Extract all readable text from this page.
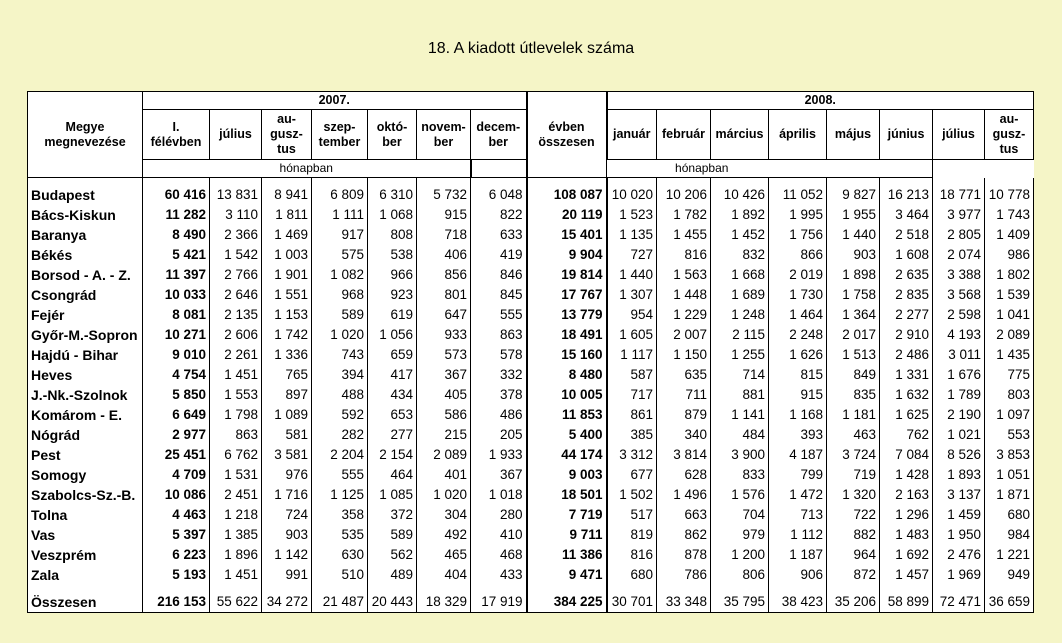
18. A kiadott útlevelek száma
Megye megnevezése	2007.							évben összesen	2008.							
	I. félévben	július	au-
gusz-
tus	szep-
tember	októ-
ber	novem-
ber	decem-
ber		január	február	március	április	május	június	július	au-
gusz-
tus
	hónapban						hónapban									

Budapest	60 416	13 831	8 941	6 809	6 310	5 732	6 048	108 087	10 020	10 206	10 426	11 052	9 827	16 213	18 771	10 778
Bács-Kiskun	11 282	3 110	1 811	1 111	1 068	915	822	20 119	1 523	1 782	1 892	1 995	1 955	3 464	3 977	1 743
Baranya	8 490	2 366	1 469	917	808	718	633	15 401	1 135	1 455	1 452	1 756	1 440	2 518	2 805	1 409
Békés	5 421	1 542	1 003	575	538	406	419	9 904	727	816	832	866	903	1 608	2 074	986
Borsod - A. - Z.	11 397	2 766	1 901	1 082	966	856	846	19 814	1 440	1 563	1 668	2 019	1 898	2 635	3 388	1 802
Csongrád	10 033	2 646	1 551	968	923	801	845	17 767	1 307	1 448	1 689	1 730	1 758	2 835	3 568	1 539
Fejér	8 081	2 135	1 153	589	619	647	555	13 779	954	1 229	1 248	1 464	1 364	2 277	2 598	1 041
Győr-M.-Sopron	10 271	2 606	1 742	1 020	1 056	933	863	18 491	1 605	2 007	2 115	2 248	2 017	2 910	4 193	2 089
Hajdú - Bihar	9 010	2 261	1 336	743	659	573	578	15 160	1 117	1 150	1 255	1 626	1 513	2 486	3 011	1 435
Heves	4 754	1 451	765	394	417	367	332	8 480	587	635	714	815	849	1 331	1 676	775
J.-Nk.-Szolnok	5 850	1 553	897	488	434	405	378	10 005	717	711	881	915	835	1 632	1 789	803
Komárom - E.	6 649	1 798	1 089	592	653	586	486	11 853	861	879	1 141	1 168	1 181	1 625	2 190	1 097
Nógrád	2 977	863	581	282	277	215	205	5 400	385	340	484	393	463	762	1 021	553
Pest	25 451	6 762	3 581	2 204	2 154	2 089	1 933	44 174	3 312	3 814	3 900	4 187	3 724	7 084	8 526	3 853
Somogy	4 709	1 531	976	555	464	401	367	9 003	677	628	833	799	719	1 428	1 893	1 051
Szabolcs-Sz.-B.	10 086	2 451	1 716	1 125	1 085	1 020	1 018	18 501	1 502	1 496	1 576	1 472	1 320	2 163	3 137	1 871
Tolna	4 463	1 218	724	358	372	304	280	7 719	517	663	704	713	722	1 296	1 459	680
Vas	5 397	1 385	903	535	589	492	410	9 711	819	862	979	1 112	882	1 483	1 950	984
Veszprém	6 223	1 896	1 142	630	562	465	468	11 386	816	878	1 200	1 187	964	1 692	2 476	1 221
Zala	5 193	1 451	991	510	489	404	433	9 471	680	786	806	906	872	1 457	1 969	949

Összesen	216 153	55 622	34 272	21 487	20 443	18 329	17 919	384 225	30 701	33 348	35 795	38 423	35 206	58 899	72 471	36 659
